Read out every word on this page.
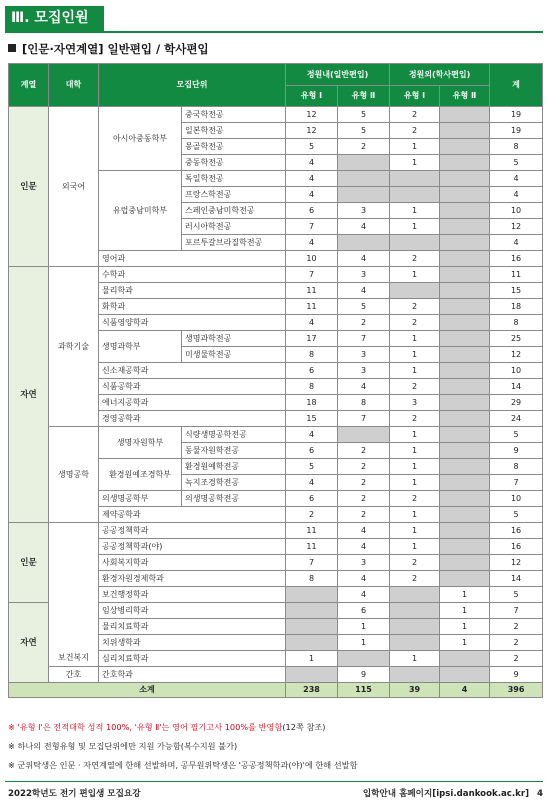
Ⅲ. 모집인원
[인문·자연계열] 일반편입 / 학사편입
계열	대학	모집단위		정원내(일반편입)		정원외(학사편입)		계
				유형 Ⅰ	유형 Ⅱ	유형 Ⅰ	유형 Ⅱ	
인문	외국어	아시아중동학부	중국학전공	12	5	2		19
			일본학전공	12	5	2		19
			몽골학전공	5	2	1		8
			중동학전공	4		1		5
		유럽중남미학부	독일학전공	4				4
			프랑스학전공	4				4
			스페인중남미학전공	6	3	1		10
			러시아학전공	7	4	1		12
			포르투갈브라질학전공	4				4
		영어과		10	4	2		16
자연	과학기술	수학과		7	3	1		11
		물리학과		11	4			15
		화학과		11	5	2		18
		식품영양학과		4	2	2		8
		생명과학부	생명과학전공	17	7	1		25
			미생물학전공	8	3	1		12
		신소재공학과		6	3	1		10
		식품공학과		8	4	2		14
		에너지공학과		18	8	3		29
		경영공학과		15	7	2		24
	생명공학	생명자원학부	식량생명공학전공	4		1		5
			동물자원학전공	6	2	1		9
		환경원예조경학부	환경원예학전공	5	2	1		8
			녹지조경학전공	4	2	1		7
		의생명공학부	의생명공학전공	6	2	2		10
		제약공학과		2	2	1		5
인문	보건복지	공공정책학과		11	4	1		16
		공공정책학과(야)		11	4	1		16
		사회복지학과		7	3	2		12
		환경자원경제학과		8	4	2		14
		보건행정학과			4		1	5
자연		임상병리학과			6		1	7
		물리치료학과			1		1	2
		치위생학과			1		1	2
		심리치료학과		1		1		2
	간호	간호학과			9			9
소계				238	115	39	4	396
※ '유형 Ⅰ'은 전적대학 성적 100%, '유형 Ⅱ'는 영어 필기고사 100%를 반영함(12쪽 참조)
※ 하나의 전형유형 및 모집단위에만 지원 가능함(복수지원 불가)
※ 군위탁생은 인문 · 자연계열에 한해 선발하며, 공무원위탁생은 '공공정책학과(야)'에 한해 선발함
2022학년도 전기 편입생 모집요강	입학안내 홈페이지[ipsi.dankook.ac.kr] 4
